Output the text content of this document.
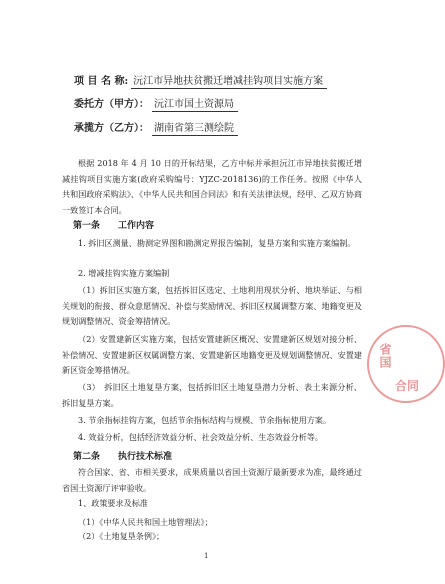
项 目 名 称: 沅江市异地扶贫搬迁增减挂钩项目实施方案
委托方（甲方）： 沅江市国土资源局
承揽方（乙方）： 湖南省第三测绘院
根据 2018 年 4 月 10 日的开标结果，乙方中标并承担沅江市异地扶贫搬迁增减挂钩项目实施方案(政府采购编号：YJZC-2018136)的工作任务。按照《中华人共和国政府采购法》、《中华人民共和国合同法》和有关法律法规，经甲、乙双方协商一致签订本合同。
第一条　　工作内容
1. 拆旧区测量、勘测定界图和勘测定界报告编制，复垦方案和实施方案编制。
2. 增减挂钩实施方案编制
（1）拆旧区实施方案，包括拆旧区选定、土地利用现状分析、地块举证、与相关规划的衔接、群众意愿情况、补偿与奖励情况、拆旧区权属调整方案、地籍变更及规划调整情况、资金筹措情况。
（2）安置建新区实施方案，包括安置建新区概况、安置建新区规划对接分析、补偿情况、安置建新区权属调整方案、安置建新区地籍变更及规划调整情况、安置建新区资金筹措情况。
（3）　拆旧区土地复垦方案，包括拆旧区土地复垦潜力分析、表土来源分析、拆旧复垦方案。
3. 节余指标挂钩方案，包括节余指标结构与规模、节余指标使用方案。
4. 效益分析，包括经济效益分析、社会效益分析、生态效益分析等。
第二条　　执行技术标准
符合国家、省、市相关要求，成果质量以省国土资源厅最新要求为准，最终通过省国土资源厅评审验收。
1、政策要求及标准
（1）《中华人民共和国土地管理法》；
（2）《土地复垦条例》；
省国
合同
1
